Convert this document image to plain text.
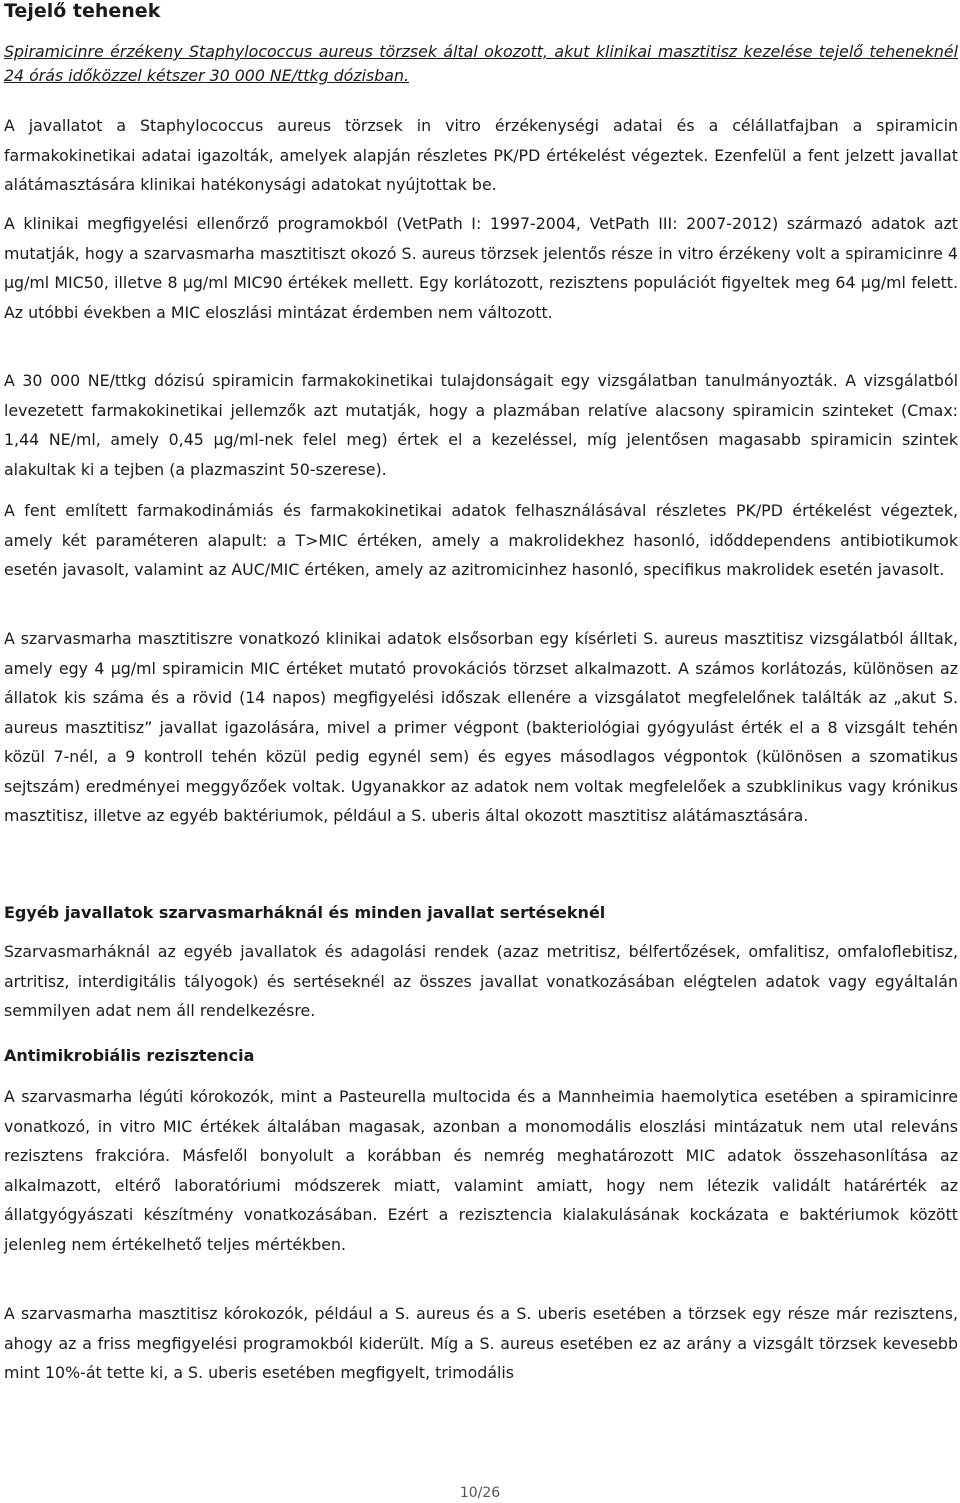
Tejelő tehenek

Spiramicinre érzékeny Staphylococcus aureus törzsek által okozott, akut klinikai masztitisz kezelése tejelő teheneknél 24 órás időközzel kétszer 30 000 NE/ttkg dózisban.

A javallatot a Staphylococcus aureus törzsek in vitro érzékenységi adatai és a célállatfajban a spiramicin farmakokinetikai adatai igazolták, amelyek alapján részletes PK/PD értékelést végeztek. Ezenfelül a fent jelzett javallat alátámasztására klinikai hatékonysági adatokat nyújtottak be.

A klinikai megfigyelési ellenőrző programokból (VetPath I: 1997-2004, VetPath III: 2007-2012) származó adatok azt mutatják, hogy a szarvasmarha masztitiszt okozó S. aureus törzsek jelentős része in vitro érzékeny volt a spiramicinre 4 µg/ml MIC50, illetve 8 µg/ml MIC90 értékek mellett. Egy korlátozott, rezisztens populációt figyeltek meg 64 µg/ml felett. Az utóbbi években a MIC eloszlási mintázat érdemben nem változott.

A 30 000 NE/ttkg dózisú spiramicin farmakokinetikai tulajdonságait egy vizsgálatban tanulmányozták. A vizsgálatból levezetett farmakokinetikai jellemzők azt mutatják, hogy a plazmában relatíve alacsony spiramicin szinteket (Cmax: 1,44 NE/ml, amely 0,45 µg/ml-nek felel meg) értek el a kezeléssel, míg jelentősen magasabb spiramicin szintek alakultak ki a tejben (a plazmaszint 50-szerese).

A fent említett farmakodinámiás és farmakokinetikai adatok felhasználásával részletes PK/PD értékelést végeztek, amely két paraméteren alapult: a T>MIC értéken, amely a makrolidekhez hasonló, időddependens antibiotikumok esetén javasolt, valamint az AUC/MIC értéken, amely az azitromicinhez hasonló, specifikus makrolidek esetén javasolt.

A szarvasmarha masztitiszre vonatkozó klinikai adatok elsősorban egy kísérleti S. aureus masztitisz vizsgálatból álltak, amely egy 4 µg/ml spiramicin MIC értéket mutató provokációs törzset alkalmazott. A számos korlátozás, különösen az állatok kis száma és a rövid (14 napos) megfigyelési időszak ellenére a vizsgálatot megfelelőnek találták az „akut S. aureus masztitisz” javallat igazolására, mivel a primer végpont (bakteriológiai gyógyulást érték el a 8 vizsgált tehén közül 7-nél, a 9 kontroll tehén közül pedig egynél sem) és egyes másodlagos végpontok (különösen a szomatikus sejtszám) eredményei meggyőzőek voltak. Ugyanakkor az adatok nem voltak megfelelőek a szubklinikus vagy krónikus masztitisz, illetve az egyéb baktériumok, például a S. uberis által okozott masztitisz alátámasztására.

Egyéb javallatok szarvasmarháknál és minden javallat sertéseknél

Szarvasmarháknál az egyéb javallatok és adagolási rendek (azaz metritisz, bélfertőzések, omfalitisz, omfaloflebitisz, artritisz, interdigitális tályogok) és sertéseknél az összes javallat vonatkozásában elégtelen adatok vagy egyáltalán semmilyen adat nem áll rendelkezésre.

Antimikrobiális rezisztencia

A szarvasmarha légúti kórokozók, mint a Pasteurella multocida és a Mannheimia haemolytica esetében a spiramicinre vonatkozó, in vitro MIC értékek általában magasak, azonban a monomodális eloszlási mintázatuk nem utal releváns rezisztens frakcióra. Másfelől bonyolult a korábban és nemrég meghatározott MIC adatok összehasonlítása az alkalmazott, eltérő laboratóriumi módszerek miatt, valamint amiatt, hogy nem létezik validált határérték az állatgyógyászati készítmény vonatkozásában. Ezért a rezisztencia kialakulásának kockázata e baktériumok között jelenleg nem értékelhető teljes mértékben.

A szarvasmarha masztitisz kórokozók, például a S. aureus és a S. uberis esetében a törzsek egy része már rezisztens, ahogy az a friss megfigyelési programokból kiderült. Míg a S. aureus esetében ez az arány a vizsgált törzsek kevesebb mint 10%-át tette ki, a S. uberis esetében megfigyelt, trimodális

10/26
